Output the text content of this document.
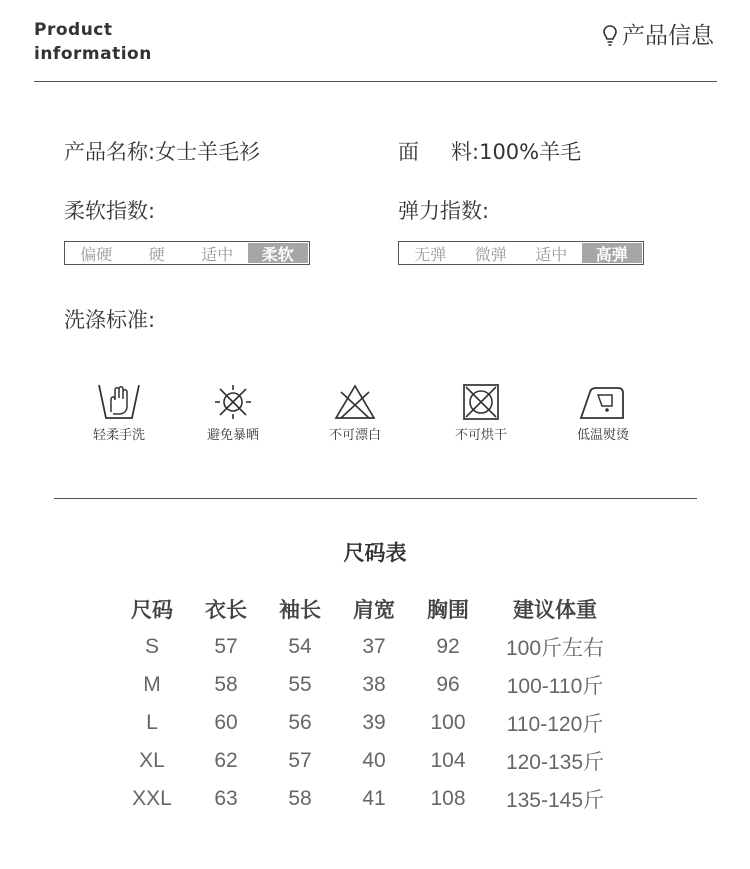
Product
information
产品信息
产品名称:女士羊毛衫	面 料:100%羊毛
柔软指数:
偏硬	硬	适中	柔软
弹力指数:
无弹	微弹	适中	高弹
洗涤标准:
轻柔手洗	避免暴晒	不可漂白	不可烘干	低温熨烫
尺码表
尺码	衣长	袖长	肩宽	胸围	建议体重
S	57	54	37	92	100斤左右
M	58	55	38	96	100-110斤
L	60	56	39	100	110-120斤
XL	62	57	40	104	120-135斤
XXL	63	58	41	108	135-145斤
